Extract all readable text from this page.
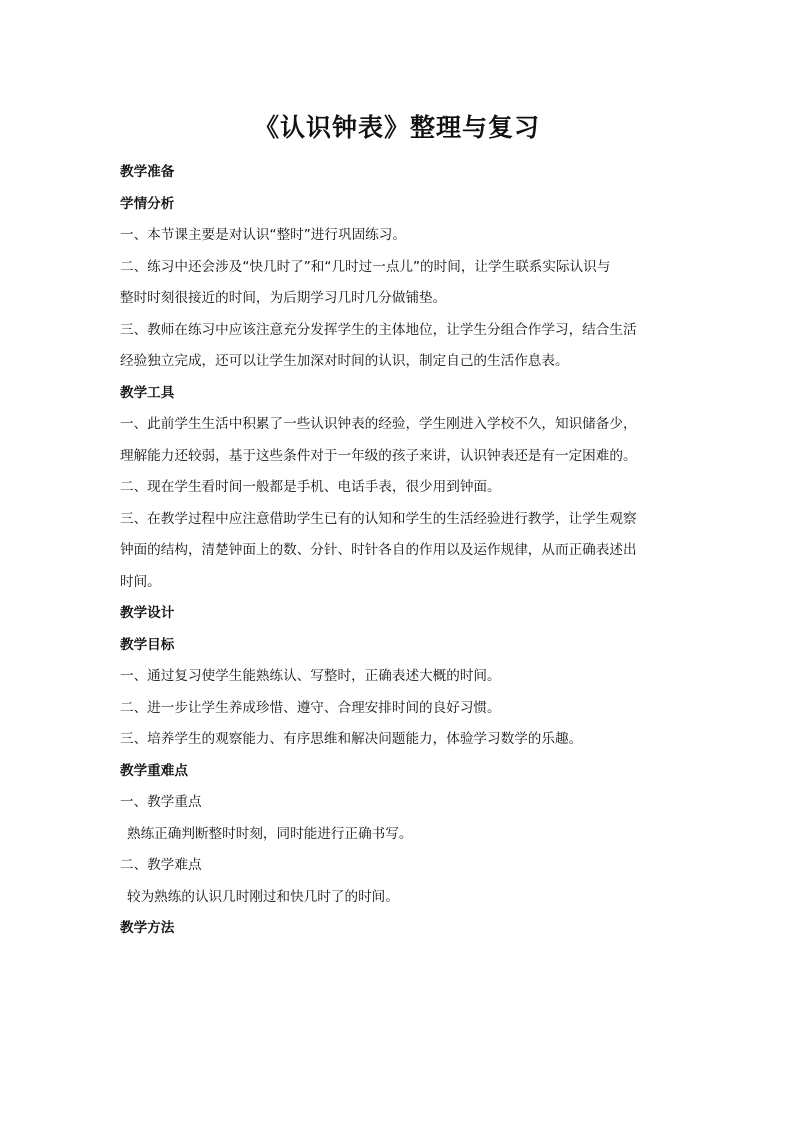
《认识钟表》整理与复习
教学准备
学情分析
一、本节课主要是对认识“整时”进行巩固练习。
二、练习中还会涉及“快几时了”和“几时过一点儿”的时间，让学生联系实际认识与
整时时刻很接近的时间，为后期学习几时几分做铺垫。
三、教师在练习中应该注意充分发挥学生的主体地位，让学生分组合作学习，结合生活
经验独立完成，还可以让学生加深对时间的认识，制定自己的生活作息表。
教学工具
一、此前学生生活中积累了一些认识钟表的经验，学生刚进入学校不久，知识储备少，
理解能力还较弱，基于这些条件对于一年级的孩子来讲，认识钟表还是有一定困难的。
二、现在学生看时间一般都是手机、电话手表，很少用到钟面。
三、在教学过程中应注意借助学生已有的认知和学生的生活经验进行教学，让学生观察
钟面的结构，清楚钟面上的数、分针、时针各自的作用以及运作规律，从而正确表述出
时间。
教学设计
教学目标
一、通过复习使学生能熟练认、写整时，正确表述大概的时间。
二、进一步让学生养成珍惜、遵守、合理安排时间的良好习惯。
三、培养学生的观察能力、有序思维和解决问题能力，体验学习数学的乐趣。
教学重难点
一、教学重点
熟练正确判断整时时刻，同时能进行正确书写。
二、教学难点
较为熟练的认识几时刚过和快几时了的时间。
教学方法
